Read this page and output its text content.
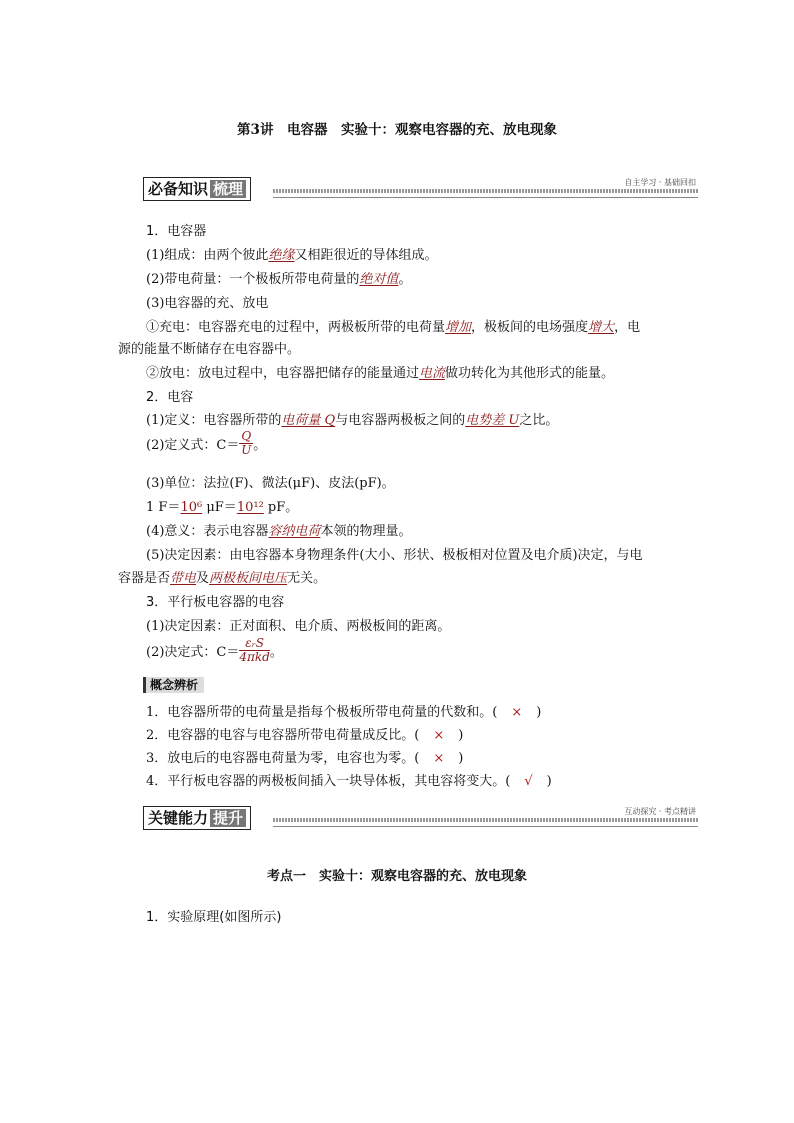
第3讲　电容器　实验十：观察电容器的充、放电现象
必备知识 梳理	自主学习 · 基础回扣
1．电容器
(1)组成：由两个彼此绝缘又相距很近的导体组成。
(2)带电荷量：一个极板所带电荷量的绝对值。
(3)电容器的充、放电
①充电：电容器充电的过程中，两极板所带的电荷量增加，极板间的电场强度增大，电
源的能量不断储存在电容器中。
②放电：放电过程中，电容器把储存的能量通过电流做功转化为其他形式的能量。
2．电容
(1)定义：电容器所带的电荷量 Q与电容器两极板之间的电势差 U之比。
(2)定义式：$C= \frac{Q}{U}$ 。
(3)单位：法拉(F)、微法(μF)、皮法(pF)。
1 F＝10⁶ μF＝10¹² pF。
(4)意义：表示电容器容纳电荷本领的物理量。
(5)决定因素：由电容器本身物理条件(大小、形状、极板相对位置及电介质)决定，与电
容器是否带电及两极板间电压无关。
3．平行板电容器的电容
(1)决定因素：正对面积、电介质、两极板间的距离。
(2)决定式：$C= \frac{\text{εᵣS}}{\text{4πkd}}$ 。
概念辨析
1．电容器所带的电荷量是指每个极板所带电荷量的代数和。( × )
2．电容器的电容与电容器所带电荷量成反比。( × )
3．放电后的电容器电荷量为零，电容也为零。( × )
4．平行板电容器的两极板间插入一块导体板，其电容将变大。( √ )
关键能力 提升	互动探究 · 考点精讲
考点一　实验十：观察电容器的充、放电现象
1．实验原理(如图所示)
